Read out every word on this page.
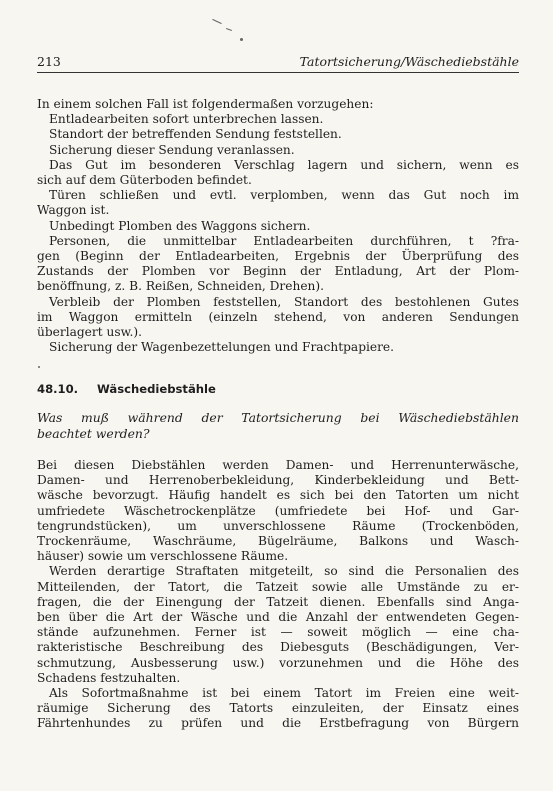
213	Tatortsicherung/Wäschediebstähle
In einem solchen Fall ist folgendermaßen vorzugehen:
Entladearbeiten sofort unterbrechen lassen.
Standort der betreffenden Sendung feststellen.
Sicherung dieser Sendung veranlassen.
Das Gut im besonderen Verschlag lagern und sichern, wenn es
sich auf dem Güterboden befindet.
Türen schließen und evtl. verplomben, wenn das Gut noch im
Waggon ist.
Unbedingt Plomben des Waggons sichern.
Personen, die unmittelbar Entladearbeiten durchführen, t ?fra-
gen (Beginn der Entladearbeiten, Ergebnis der Überprüfung des
Zustands der Plomben vor Beginn der Entladung, Art der Plom-
benöffnung, z. B. Reißen, Schneiden, Drehen).
Verbleib der Plomben feststellen, Standort des bestohlenen Gutes
im Waggon ermitteln (einzeln stehend, von anderen Sendungen
überlagert usw.).
Sicherung der Wagenbezettelungen und Frachtpapiere.
48.10. Wäschediebstähle
Was muß während der Tatortsicherung bei Wäschediebstählen
beachtet werden?
Bei diesen Diebstählen werden Damen- und Herrenunterwäsche,
Damen- und Herrenoberbekleidung, Kinderbekleidung und Bett-
wäsche bevorzugt. Häufig handelt es sich bei den Tatorten um nicht
umfriedete Wäschetrockenplätze (umfriedete bei Hof- und Gar-
tengrundstücken), um unverschlossene Räume (Trockenböden,
Trockenräume, Waschräume, Bügelräume, Balkons und Wasch-
häuser) sowie um verschlossene Räume.
Werden derartige Straftaten mitgeteilt, so sind die Personalien des
Mitteilenden, der Tatort, die Tatzeit sowie alle Umstände zu er-
fragen, die der Einengung der Tatzeit dienen. Ebenfalls sind Anga-
ben über die Art der Wäsche und die Anzahl der entwendeten Gegen-
stände aufzunehmen. Ferner ist — soweit möglich — eine cha-
rakteristische Beschreibung des Diebesguts (Beschädigungen, Ver-
schmutzung, Ausbesserung usw.) vorzunehmen und die Höhe des
Schadens festzuhalten.
Als Sofortmaßnahme ist bei einem Tatort im Freien eine weit-
räumige Sicherung des Tatorts einzuleiten, der Einsatz eines
Fährtenhundes zu prüfen und die Erstbefragung von Bürgern
